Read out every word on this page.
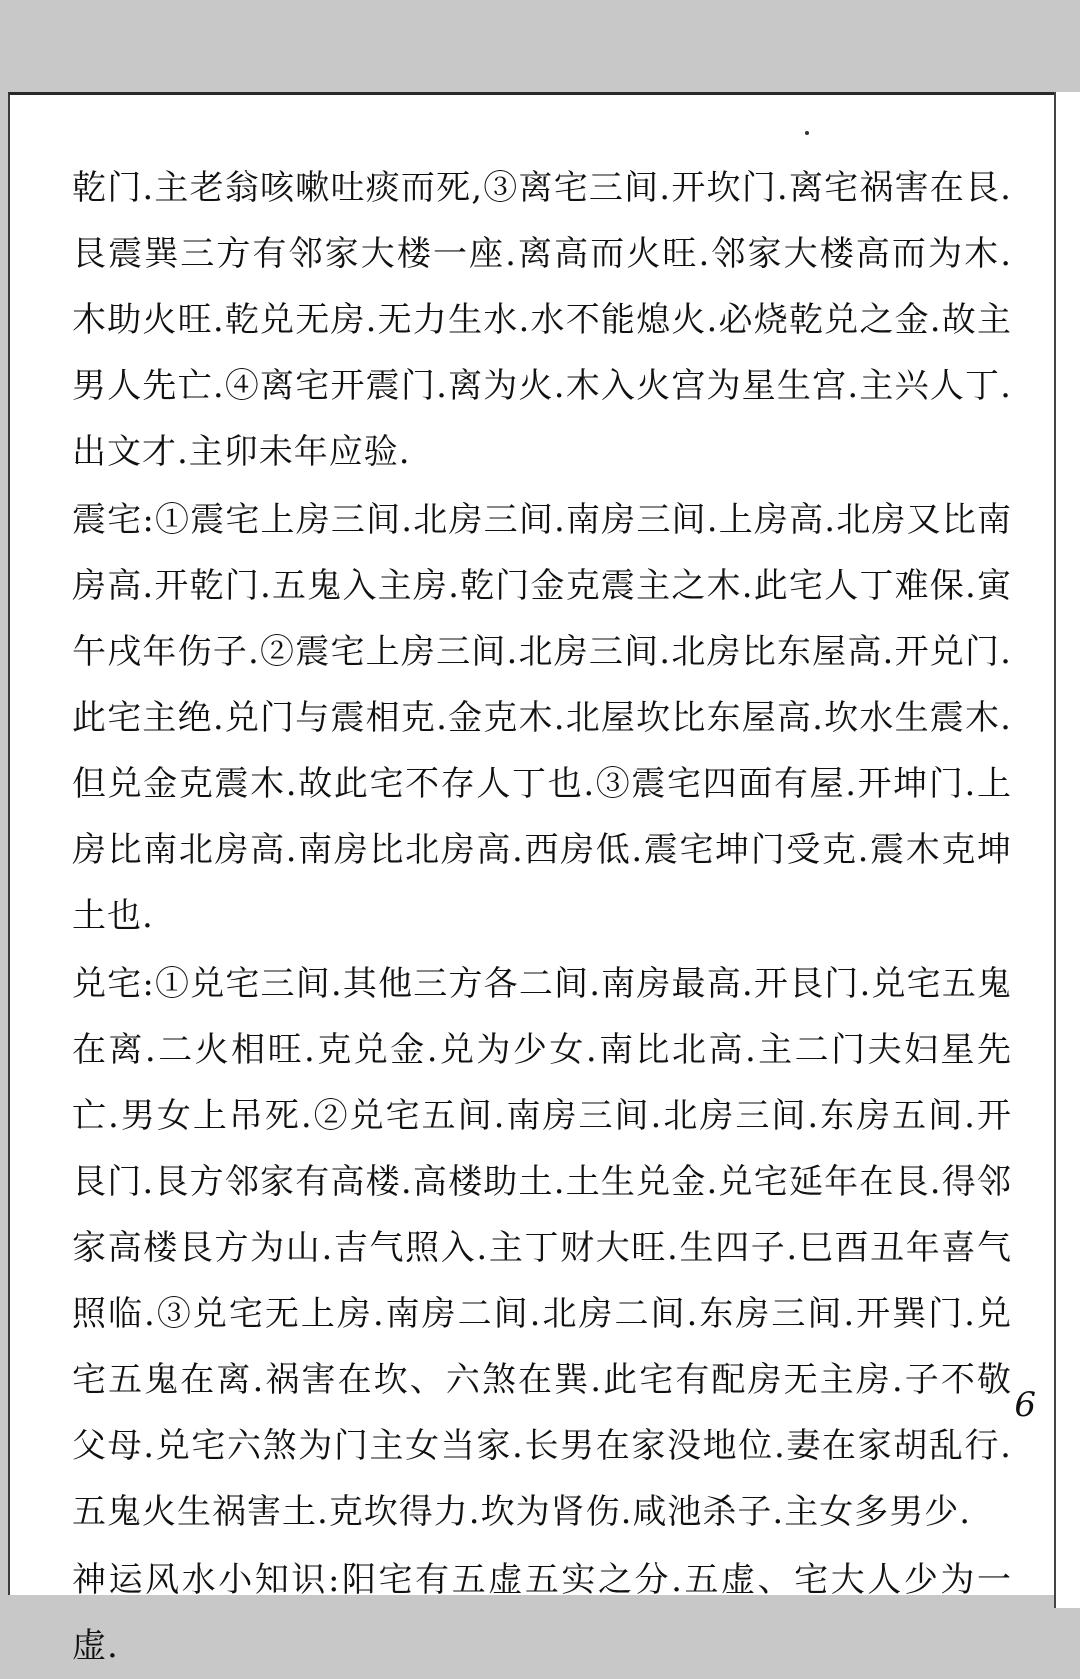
乾门.主老翁咳嗽吐痰而死,③离宅三间.开坎门.离宅祸害在艮.艮震巽三方有邻家大楼一座.离高而火旺.邻家大楼高而为木.木助火旺.乾兑无房.无力生水.水不能熄火.必烧乾兑之金.故主男人先亡.④离宅开震门.离为火.木入火宫为星生宫.主兴人丁.出文才.主卯未年应验.

震宅:①震宅上房三间.北房三间.南房三间.上房高.北房又比南房高.开乾门.五鬼入主房.乾门金克震主之木.此宅人丁难保.寅午戌年伤子.②震宅上房三间.北房三间.北房比东屋高.开兑门.此宅主绝.兑门与震相克.金克木.北屋坎比东屋高.坎水生震木.但兑金克震木.故此宅不存人丁也.③震宅四面有屋.开坤门.上房比南北房高.南房比北房高.西房低.震宅坤门受克.震木克坤土也.

兑宅:①兑宅三间.其他三方各二间.南房最高.开艮门.兑宅五鬼在离.二火相旺.克兑金.兑为少女.南比北高.主二门夫妇星先亡.男女上吊死.②兑宅五间.南房三间.北房三间.东房五间.开艮门.艮方邻家有高楼.高楼助土.土生兑金.兑宅延年在艮.得邻家高楼艮方为山.吉气照入.主丁财大旺.生四子.巳酉丑年喜气照临.③兑宅无上房.南房二间.北房二间.东房三间.开巽门.兑宅五鬼在离.祸害在坎、六煞在巽.此宅有配房无主房.子不敬父母.兑宅六煞为门主女当家.长男在家没地位.妻在家胡乱行.五鬼火生祸害土.克坎得力.坎为肾伤.咸池杀子.主女多男少.

神运风水小知识:阳宅有五虚五实之分.五虚、宅大人少为一虚.

6
